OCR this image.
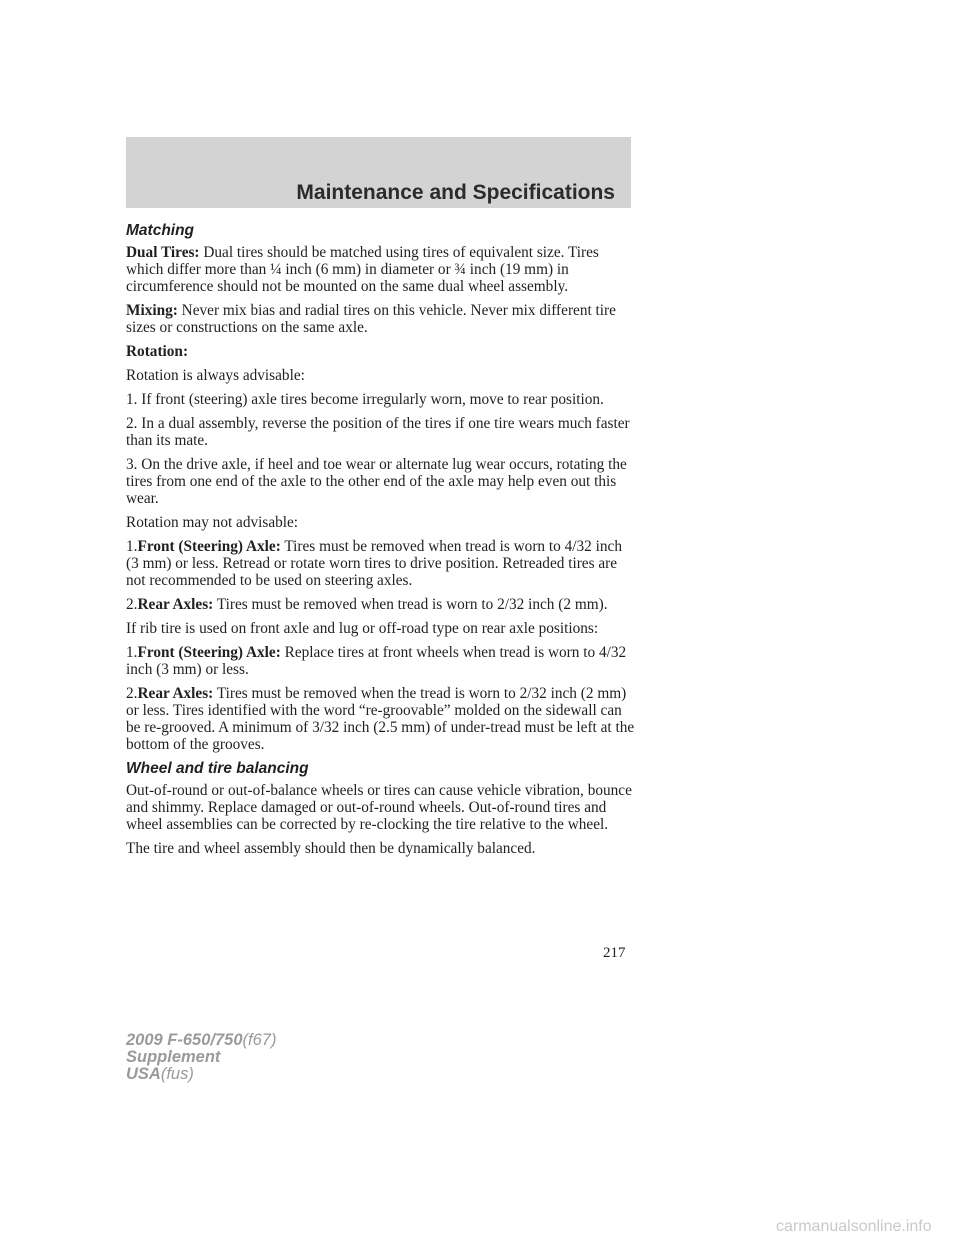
Maintenance and Specifications
Matching

Dual Tires: Dual tires should be matched using tires of equivalent size. Tires which differ more than ¼ inch (6 mm) in diameter or ¾ inch (19 mm) in circumference should not be mounted on the same dual wheel assembly.

Mixing: Never mix bias and radial tires on this vehicle. Never mix different tire sizes or constructions on the same axle.

Rotation:

Rotation is always advisable:

1. If front (steering) axle tires become irregularly worn, move to rear position.

2. In a dual assembly, reverse the position of the tires if one tire wears much faster than its mate.

3. On the drive axle, if heel and toe wear or alternate lug wear occurs, rotating the tires from one end of the axle to the other end of the axle may help even out this wear.

Rotation may not advisable:

1.Front (Steering) Axle: Tires must be removed when tread is worn to 4/32 inch (3 mm) or less. Retread or rotate worn tires to drive position. Retreaded tires are not recommended to be used on steering axles.

2.Rear Axles: Tires must be removed when tread is worn to 2/32 inch (2 mm).

If rib tire is used on front axle and lug or off-road type on rear axle positions:

1.Front (Steering) Axle: Replace tires at front wheels when tread is worn to 4/32 inch (3 mm) or less.

2.Rear Axles: Tires must be removed when the tread is worn to 2/32 inch (2 mm) or less. Tires identified with the word “re-groovable” molded on the sidewall can be re-grooved. A minimum of 3/32 inch (2.5 mm) of under-tread must be left at the bottom of the grooves.

Wheel and tire balancing

Out-of-round or out-of-balance wheels or tires can cause vehicle vibration, bounce and shimmy. Replace damaged or out-of-round wheels. Out-of-round tires and wheel assemblies can be corrected by re-clocking the tire relative to the wheel.

The tire and wheel assembly should then be dynamically balanced.

217
2009 F-650/750(f67)
Supplement
USA(fus)
carmanualsonline.info
